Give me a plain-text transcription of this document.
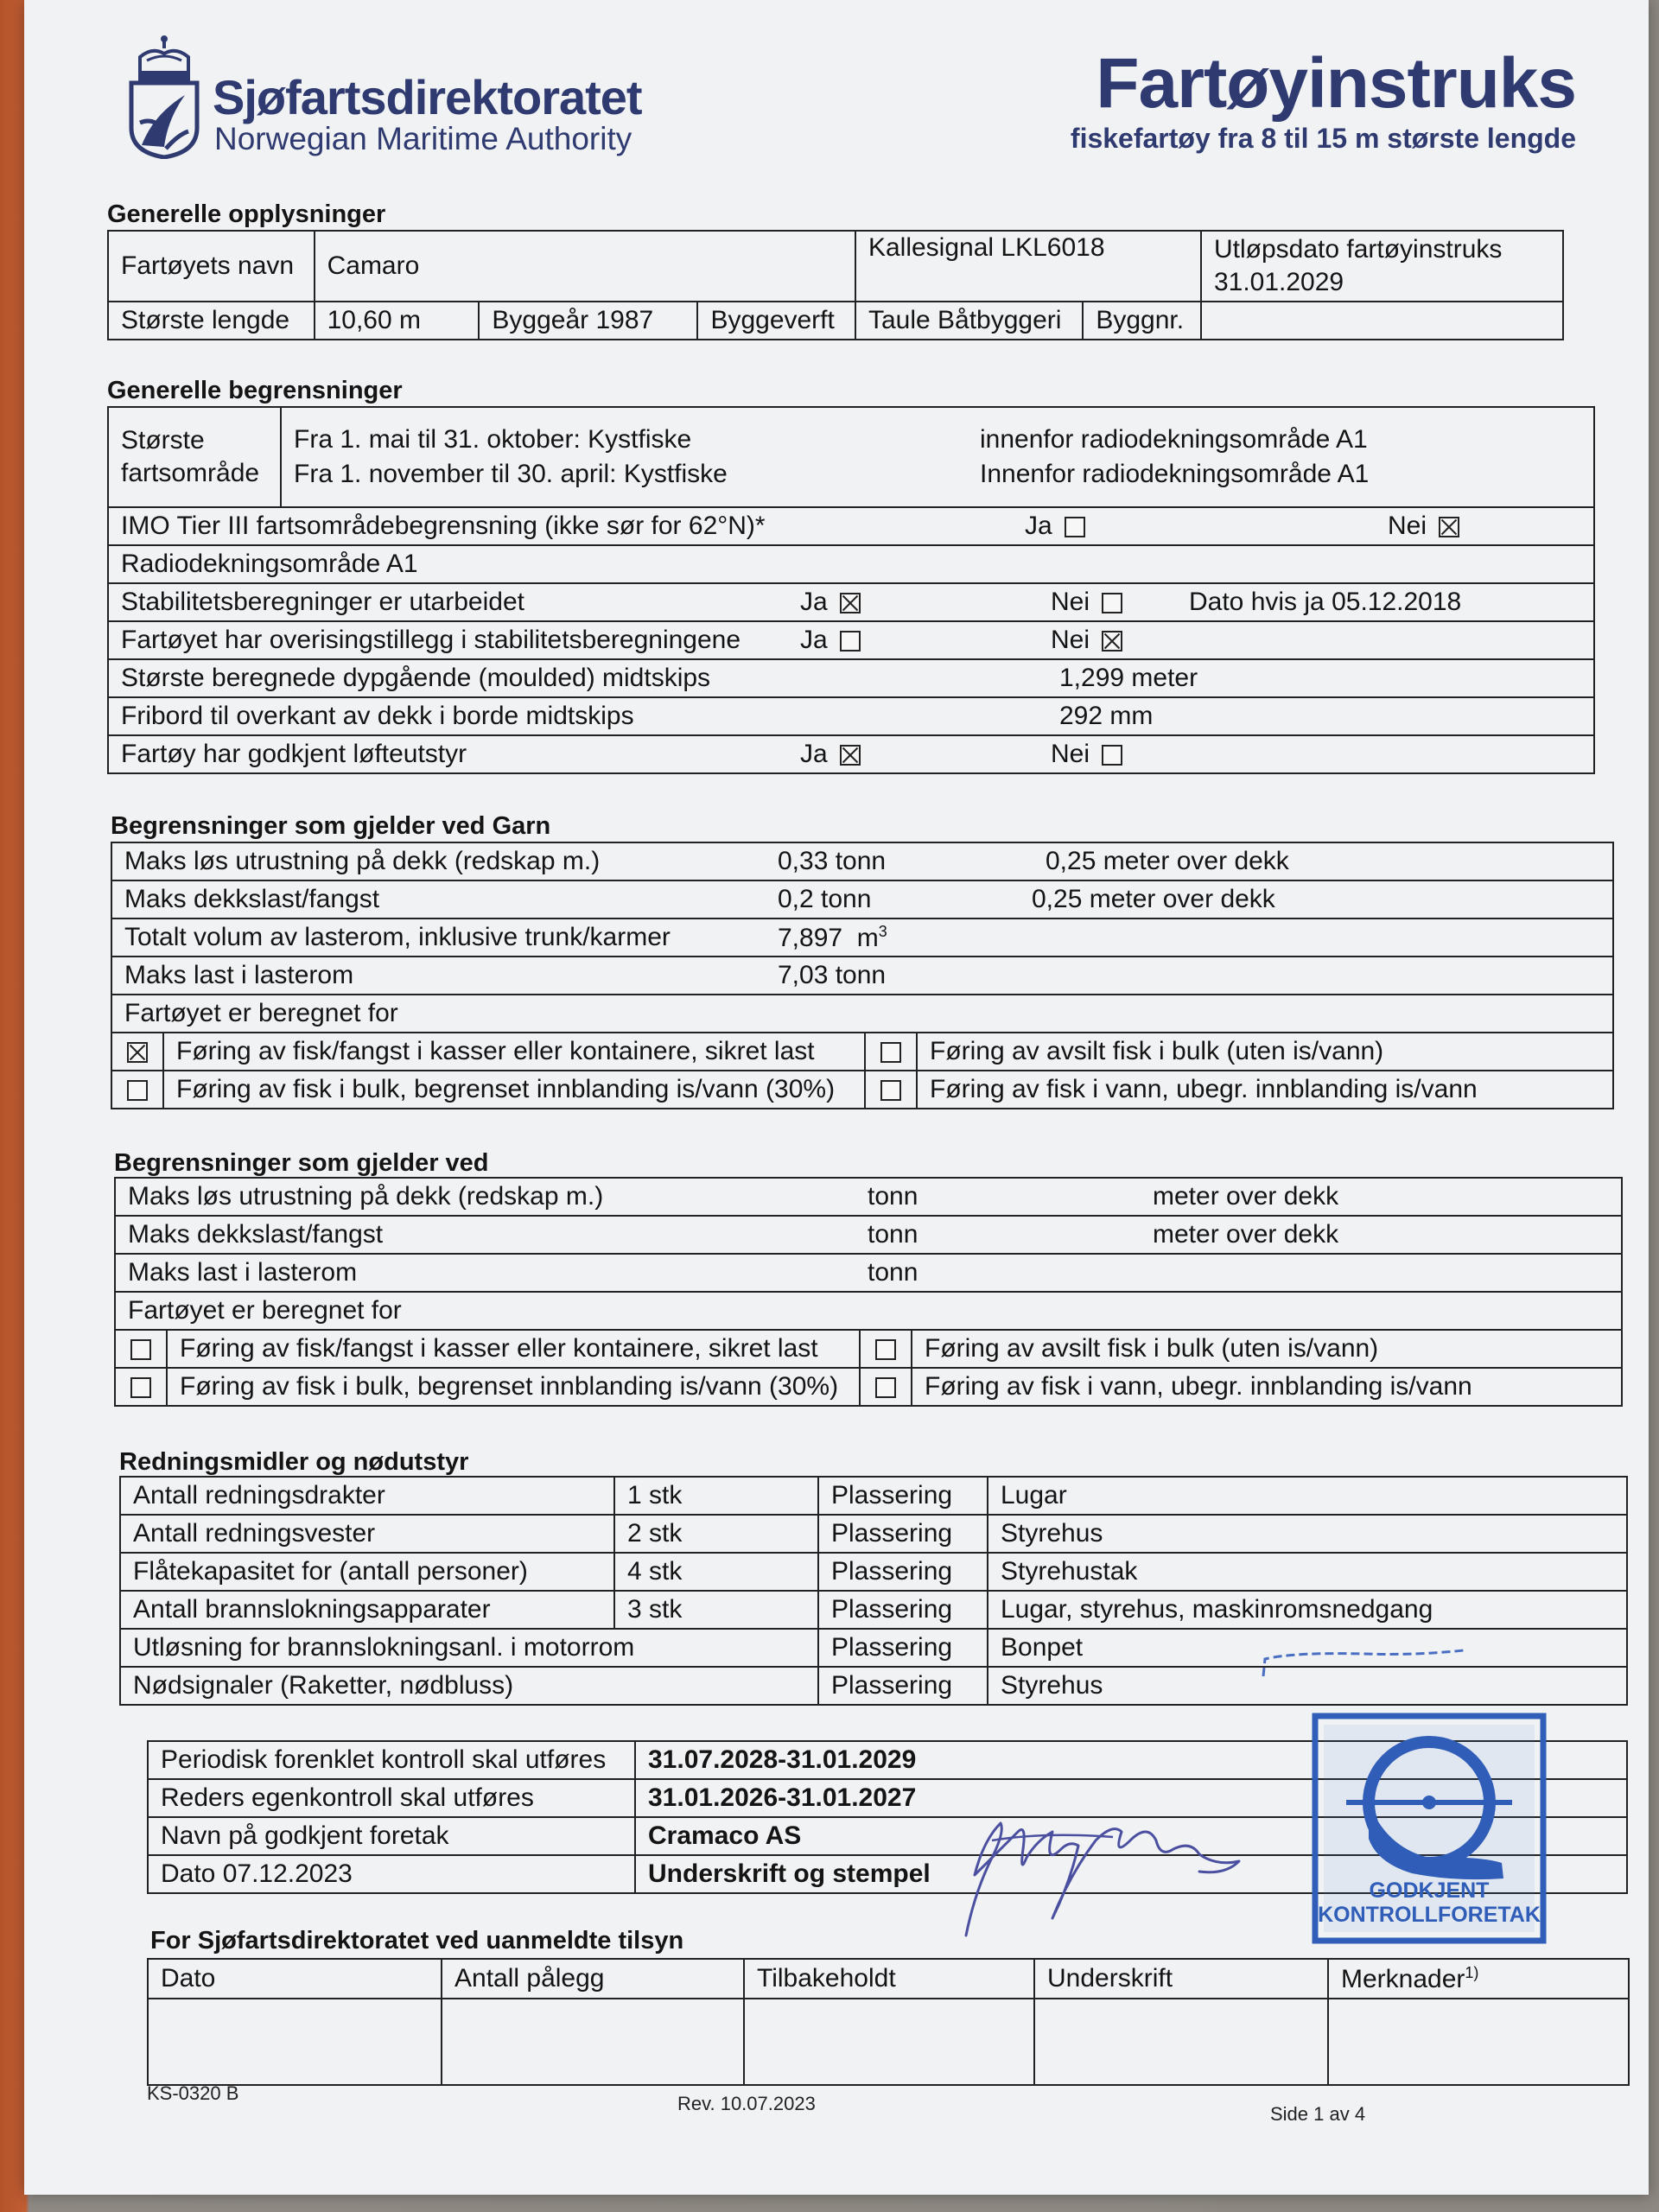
Sjøfartsdirektoratet
Norwegian Maritime Authority
Fartøyinstruks
fiskefartøy fra 8 til 15 m største lengde
Generelle opplysninger
Fartøyets navn	Camaro			Kallesignal LKL6018		Utløpsdato fartøyinstruks
31.01.2029

Største lengde	10,60 m	Byggeår 1987	Byggeverft	Taule Båtbyggeri	Byggnr.	
Generelle begrensninger
Største
fartsområde

Fra 1. mai til 31. oktober: Kystfiske	innenfor radiodekningsområde A1
Fra 1. november til 30. april: Kystfiske	Innenfor radiodekningsområde A1

IMO Tier III fartsområdebegrensning (ikke sør for 62°N)*	Ja	Nei

Radiodekningsområde A1
Stabilitetsberegninger er utarbeidet	Ja	Nei	Dato hvis ja 05.12.2018

Fartøyet har overisingstillegg i stabilitetsberegningene Ja	Nei

Største beregnede dypgående (moulded) midtskips	1,299 meter

Fribord til overkant av dekk i borde midtskips	292 mm

Fartøy har godkjent løfteutstyr	Ja	Nei
Begrensninger som gjelder ved Garn
Maks løs utrustning på dekk (redskap m.) 0,33 tonn 0,25 meter over dekk			

Maks dekkslast/fangst 0,2 tonn 0,25 meter over dekk			

Totalt volum av lasterom, inklusive trunk/karmer 7,897 $m^3$

Maks last i lasterom 7,03 tonn			

Fartøyet er beregnet for			
	Føring av fisk/fangst i kasser eller kontainere, sikret last		Føring av avsilt fisk i bulk (uten is/vann)
	Føring av fisk i bulk, begrenset innblanding is/vann (30%)		Føring av fisk i vann, ubegr. innblanding is/vann
Begrensninger som gjelder ved
Maks løs utrustning på dekk (redskap m.) tonn meter over dekk			

Maks dekkslast/fangst tonn meter over dekk			

Maks last i lasterom tonn			

Fartøyet er beregnet for			
	Føring av fisk/fangst i kasser eller kontainere, sikret last		Føring av avsilt fisk i bulk (uten is/vann)
	Føring av fisk i bulk, begrenset innblanding is/vann (30%)		Føring av fisk i vann, ubegr. innblanding is/vann
Redningsmidler og nødutstyr
Antall redningsdrakter	1 stk	Plassering	Lugar
Antall redningsvester	2 stk	Plassering	Styrehus
Flåtekapasitet for (antall personer)	4 stk	Plassering	Styrehustak
Antall brannslokningsapparater	3 stk	Plassering	Lugar, styrehus, maskinromsnedgang
Utløsning for brannslokningsanl. i motorrom		Plassering	Bonpet
Nødsignaler (Raketter, nødbluss)		Plassering	Styrehus
Periodisk forenklet kontroll skal utføres	31.07.2028-31.01.2029
Reders egenkontroll skal utføres	31.01.2026-31.01.2027
Navn på godkjent foretak	Cramaco AS
Dato 07.12.2023	Underskrift og stempel
GODKJENT
KONTROLLFORETAK
For Sjøfartsdirektoratet ved uanmeldte tilsyn
Dato	Antall pålegg	Tilbakeholdt	Underskrift	Merknader$^{1)}$

KS-0320 B	Rev. 10.07.2023	Side 1 av 4
